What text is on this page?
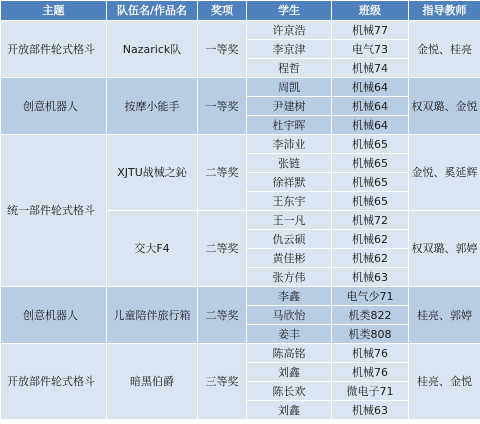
主题	队伍名/作品名	奖项	学生	班级	指导教师
开放部件轮式格斗	Nazarick队	一等奖	许京浩	机械77	金悦、桂亮
			李京津	电气73	
			程哲	机械74	
创意机器人	按摩小能手	一等奖	周凯	机械64	权双璐、金悦
			尹建树	机械64	
			杜宇晖	机械64	
统一部件轮式格斗	XJTU战械之鈊	二等奖	李沛业	机械65	金悦、奚延辉
			张链	机械65	
			徐祥默	机械65	
			王东宇	机械65	
	交大F4	二等奖	王一凡	机械72	权双璐、郭婷
			仇云硕	机械62	
			黄佳彬	机械62	
			张方伟	机械63	
创意机器人	儿童陪伴旅行箱	二等奖	李鑫	电气少71	桂亮、郭婷
			马欣怡	机类822	
			姜丰	机类808	
开放部件轮式格斗	暗黑伯爵	三等奖	陈高铭	机械76	桂亮、金悦
			刘鑫	机械76	
			陈长欢	微电子71	
			刘鑫	机械63	
